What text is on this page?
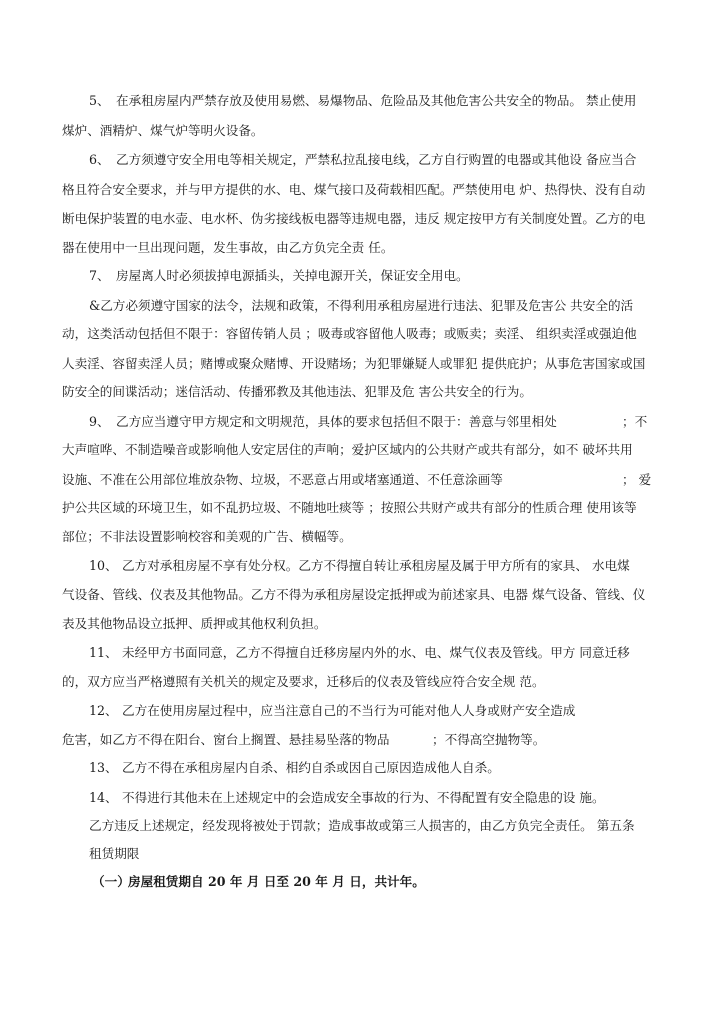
5、 在承租房屋内严禁存放及使用易燃、易爆物品、危险品及其他危害公共安全的物品。 禁止使用
煤炉、酒精炉、煤气炉等明火设备。
6、 乙方须遵守安全用电等相关规定，严禁私拉乱接电线，乙方自行购置的电器或其他设 备应当合
格且符合安全要求，并与甲方提供的水、电、煤气接口及荷载相匹配。严禁使用电 炉、热得快、没有自动
断电保护装置的电水壶、电水杯、伪劣接线板电器等违规电器，违反 规定按甲方有关制度处置。乙方的电
器在使用中一旦出现问题，发生事故，由乙方负完全责 任。
7、 房屋离人时必须拔掉电源插头，关掉电源开关，保证安全用电。
&乙方必须遵守国家的法令，法规和政策，不得利用承租房屋进行违法、犯罪及危害公 共安全的活
动，这类活动包括但不限于：容留传销人员 ；吸毒或容留他人吸毒；或贩卖；卖淫、 组织卖淫或强迫他
人卖淫、容留卖淫人员；赌博或聚众赌博、开设赌场；为犯罪嫌疑人或罪犯 提供庇护；从事危害国家或国
防安全的间谍活动；迷信活动、传播邪教及其他违法、犯罪及危 害公共安全的行为。
9、 乙方应当遵守甲方规定和文明规范，具体的要求包括但不限于：善意与邻里相处	；不
大声喧哗、不制造噪音或影响他人安定居住的声响；爱护区域内的公共财产或共有部分，如不 破坏共用
设施、不准在公用部位堆放杂物、垃圾，不恶意占用或堵塞通道、不任意涂画等	； 爱
护公共区域的环境卫生，如不乱扔垃圾、不随地吐痰等 ；按照公共财产或共有部分的性质合理 使用该等
部位；不非法设置影响校容和美观的广告、横幅等。
10、 乙方对承租房屋不享有处分权。乙方不得擅自转让承租房屋及属于甲方所有的家具、 水电煤
气设备、管线、仪表及其他物品。乙方不得为承租房屋设定抵押或为前述家具、电器 煤气设备、管线、仪
表及其他物品设立抵押、质押或其他权利负担。
11、 未经甲方书面同意，乙方不得擅自迁移房屋内外的水、电、煤气仪表及管线。甲方 同意迁移
的，双方应当严格遵照有关机关的规定及要求，迁移后的仪表及管线应符合安全规 范。
12、 乙方在使用房屋过程中，应当注意自己的不当行为可能对他人人身或财产安全造成
危害，如乙方不得在阳台、窗台上搁置、悬挂易坠落的物品	；不得高空抛物等。
13、 乙方不得在承租房屋内自杀、相约自杀或因自己原因造成他人自杀。
14、 不得进行其他未在上述规定中的会造成安全事故的行为、不得配置有安全隐患的设 施。
乙方违反上述规定，经发现将被处于罚款；造成事故或第三人损害的，由乙方负完全责任。 第五条
租赁期限
（一）
房屋租赁期自 20 年 月 日至 20 年 月 日，共计年。
